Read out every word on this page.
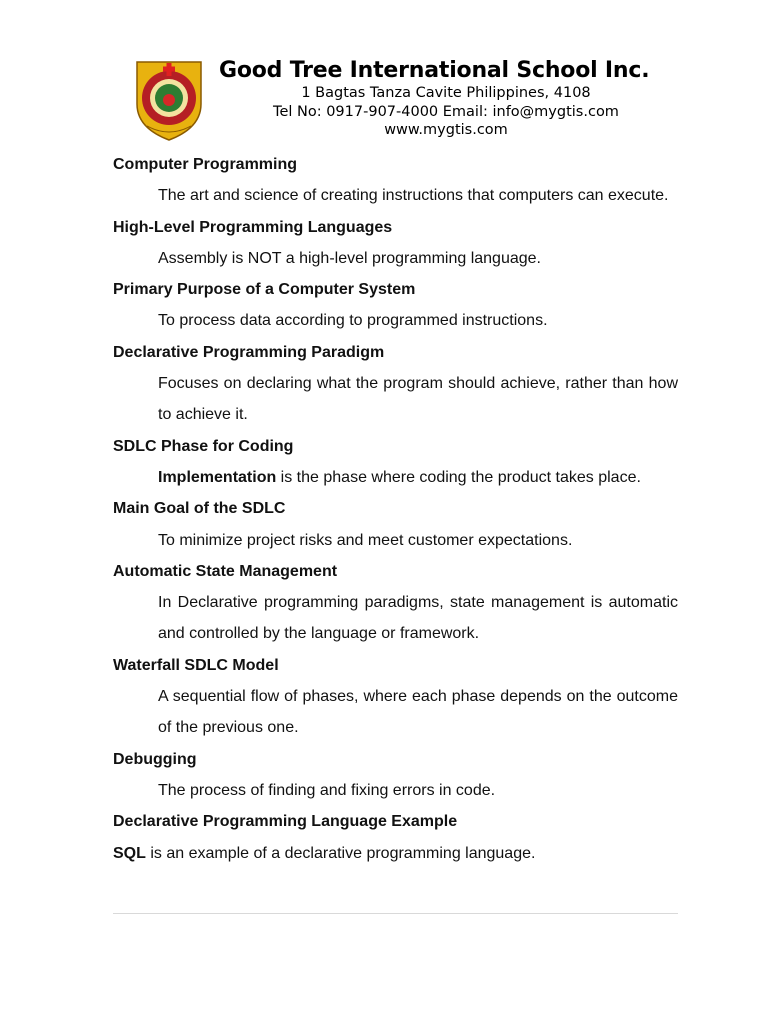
Good Tree International School Inc.
1 Bagtas Tanza Cavite Philippines, 4108
Tel No: 0917-907-4000 Email: info@mygtis.com
www.mygtis.com

Computer Programming

The art and science of creating instructions that computers can execute.

High-Level Programming Languages

Assembly is NOT a high-level programming language.

Primary Purpose of a Computer System

To process data according to programmed instructions.

Declarative Programming Paradigm

Focuses on declaring what the program should achieve, rather than how to achieve it.

SDLC Phase for Coding

Implementation is the phase where coding the product takes place.

Main Goal of the SDLC

To minimize project risks and meet customer expectations.

Automatic State Management

In Declarative programming paradigms, state management is automatic and controlled by the language or framework.

Waterfall SDLC Model

A sequential flow of phases, where each phase depends on the outcome of the previous one.

Debugging

The process of finding and fixing errors in code.

Declarative Programming Language Example

SQL is an example of a declarative programming language.
